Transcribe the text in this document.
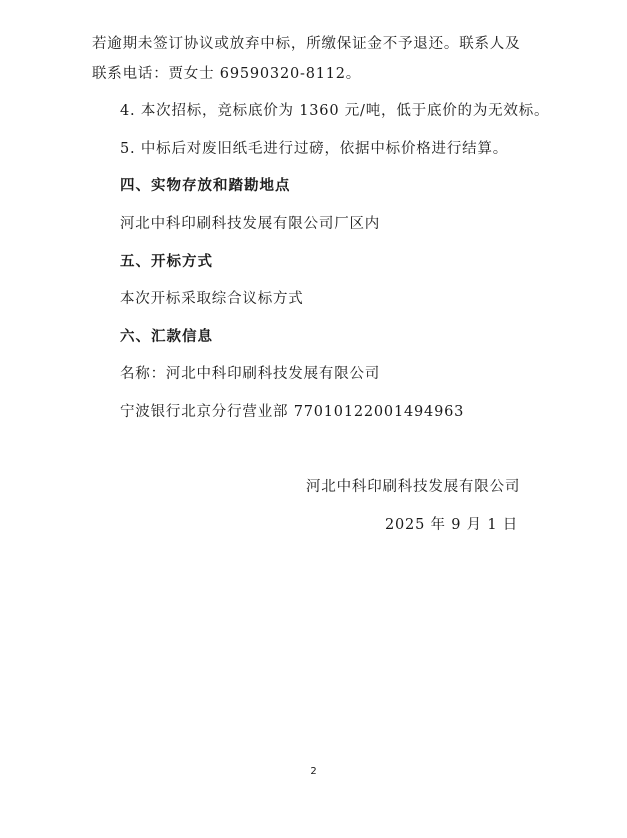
若逾期未签订协议或放弃中标，所缴保证金不予退还。联系人及
联系电话：贾女士 69590320-8112。
4. 本次招标，竞标底价为 1360 元/吨，低于底价的为无效标。
5. 中标后对废旧纸毛进行过磅，依据中标价格进行结算。
四、实物存放和踏勘地点
河北中科印刷科技发展有限公司厂区内
五、开标方式
本次开标采取综合议标方式
六、汇款信息
名称：河北中科印刷科技发展有限公司
宁波银行北京分行营业部 77010122001494963
河北中科印刷科技发展有限公司
2025 年 9 月 1 日
2
